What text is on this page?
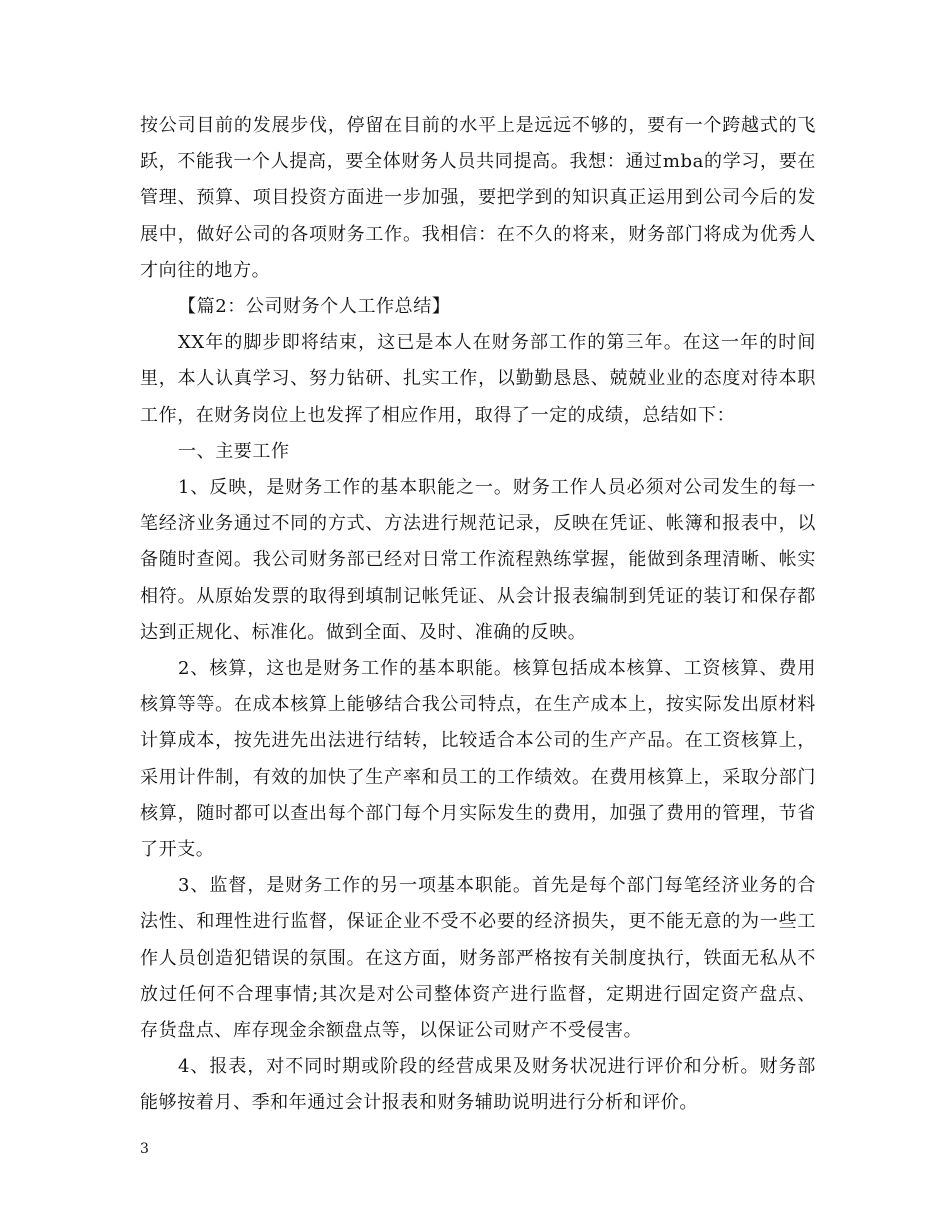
按公司目前的发展步伐，停留在目前的水平上是远远不够的，要有一个跨越式的飞跃，不能我一个人提高，要全体财务人员共同提高。我想：通过mba的学习，要在管理、预算、项目投资方面进一步加强，要把学到的知识真正运用到公司今后的发展中，做好公司的各项财务工作。我相信：在不久的将来，财务部门将成为优秀人才向往的地方。

【篇2：公司财务个人工作总结】

XX年的脚步即将结束，这已是本人在财务部工作的第三年。在这一年的时间里，本人认真学习、努力钻研、扎实工作，以勤勤恳恳、兢兢业业的态度对待本职工作，在财务岗位上也发挥了相应作用，取得了一定的成绩，总结如下：

一、主要工作

1、反映，是财务工作的基本职能之一。财务工作人员必须对公司发生的每一笔经济业务通过不同的方式、方法进行规范记录，反映在凭证、帐簿和报表中，以备随时查阅。我公司财务部已经对日常工作流程熟练掌握，能做到条理清晰、帐实相符。从原始发票的取得到填制记帐凭证、从会计报表编制到凭证的装订和保存都达到正规化、标准化。做到全面、及时、准确的反映。

2、核算，这也是财务工作的基本职能。核算包括成本核算、工资核算、费用核算等等。在成本核算上能够结合我公司特点，在生产成本上，按实际发出原材料计算成本，按先进先出法进行结转，比较适合本公司的生产产品。在工资核算上，采用计件制，有效的加快了生产率和员工的工作绩效。在费用核算上，采取分部门核算，随时都可以查出每个部门每个月实际发生的费用，加强了费用的管理，节省了开支。

3、监督，是财务工作的另一项基本职能。首先是每个部门每笔经济业务的合法性、和理性进行监督，保证企业不受不必要的经济损失，更不能无意的为一些工作人员创造犯错误的氛围。在这方面，财务部严格按有关制度执行，铁面无私从不放过任何不合理事情;其次是对公司整体资产进行监督，定期进行固定资产盘点、存货盘点、库存现金余额盘点等，以保证公司财产不受侵害。

4、报表，对不同时期或阶段的经营成果及财务状况进行评价和分析。财务部能够按着月、季和年通过会计报表和财务辅助说明进行分析和评价。

3
